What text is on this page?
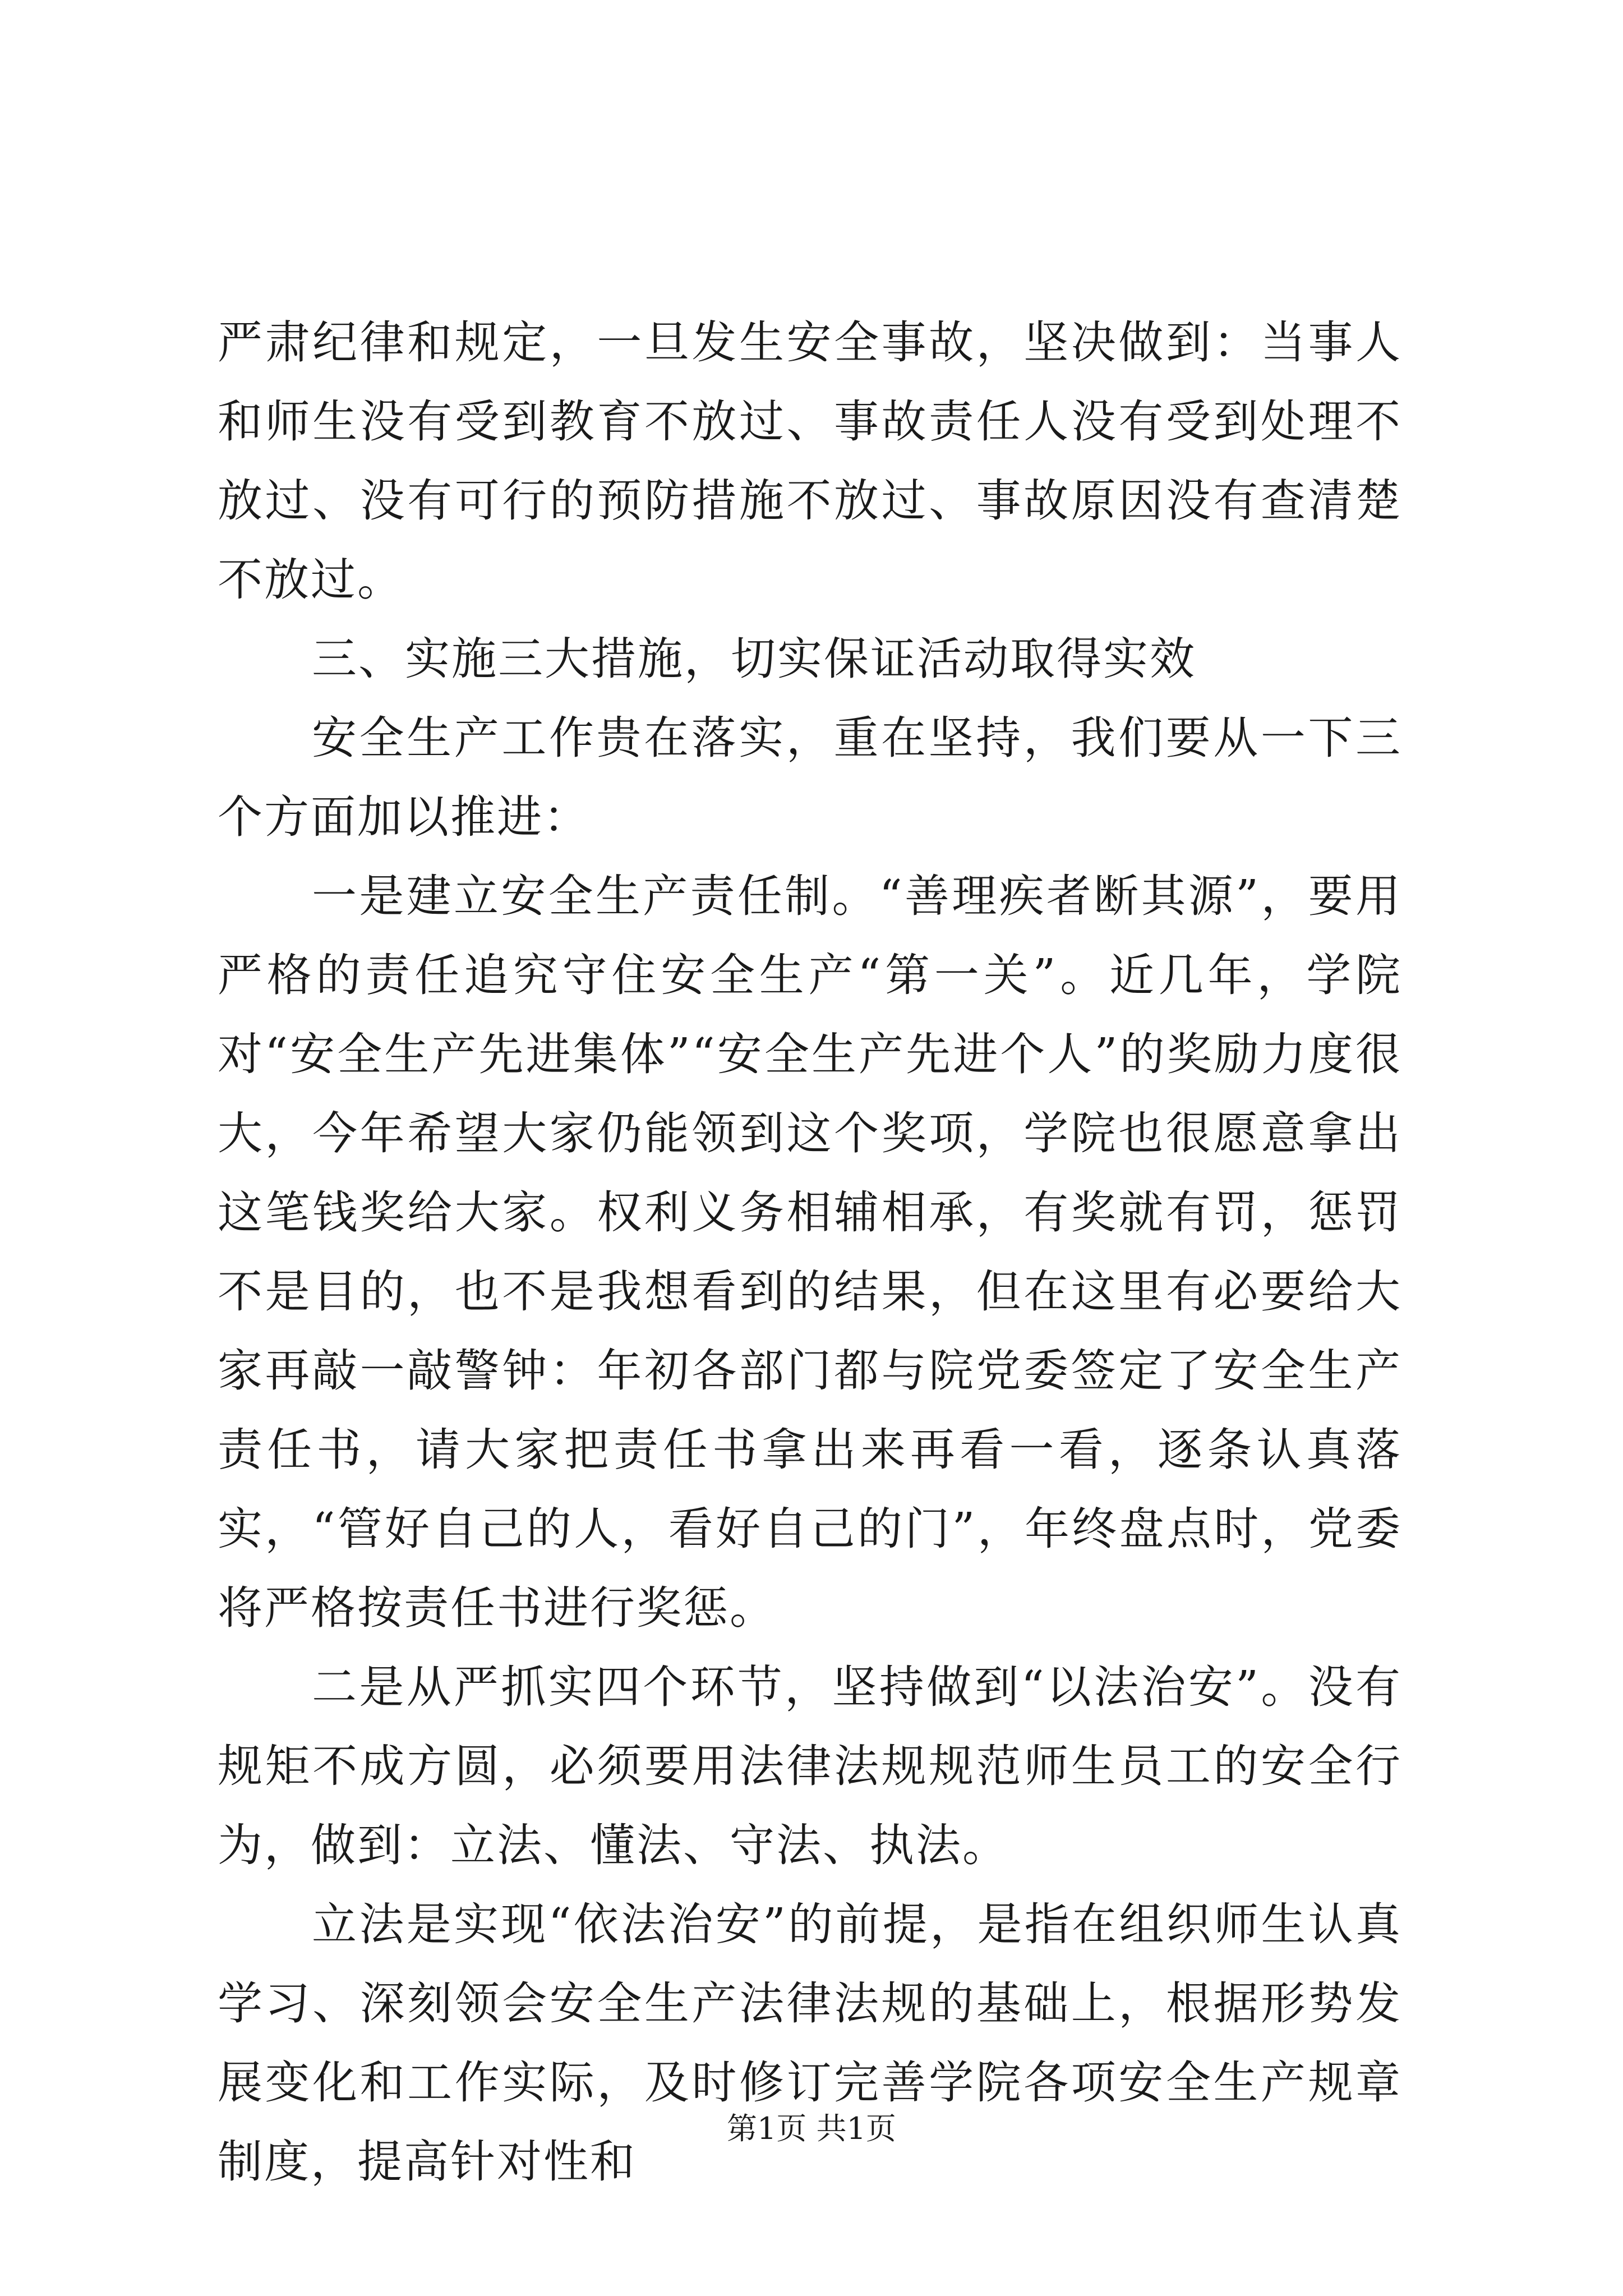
严肃纪律和规定，一旦发生安全事故，坚决做到：当事人和师生没有受到教育不放过、事故责任人没有受到处理不放过、没有可行的预防措施不放过、事故原因没有查清楚不放过。

三、实施三大措施，切实保证活动取得实效

安全生产工作贵在落实，重在坚持，我们要从一下三个方面加以推进：

一是建立安全生产责任制。“善理疾者断其源”，要用严格的责任追究守住安全生产“第一关”。近几年，学院对“安全生产先进集体”“安全生产先进个人”的奖励力度很大，今年希望大家仍能领到这个奖项，学院也很愿意拿出这笔钱奖给大家。权利义务相辅相承，有奖就有罚，惩罚不是目的，也不是我想看到的结果，但在这里有必要给大家再敲一敲警钟：年初各部门都与院党委签定了安全生产责任书，请大家把责任书拿出来再看一看，逐条认真落实，“管好自己的人，看好自己的门”，年终盘点时，党委将严格按责任书进行奖惩。

二是从严抓实四个环节，坚持做到“以法治安”。没有规矩不成方圆，必须要用法律法规规范师生员工的安全行为，做到：立法、懂法、守法、执法。

立法是实现“依法治安”的前提，是指在组织师生认真学习、深刻领会安全生产法律法规的基础上，根据形势发展变化和工作实际，及时修订完善学院各项安全生产规章制度，提高针对性和

第1页 共1页
